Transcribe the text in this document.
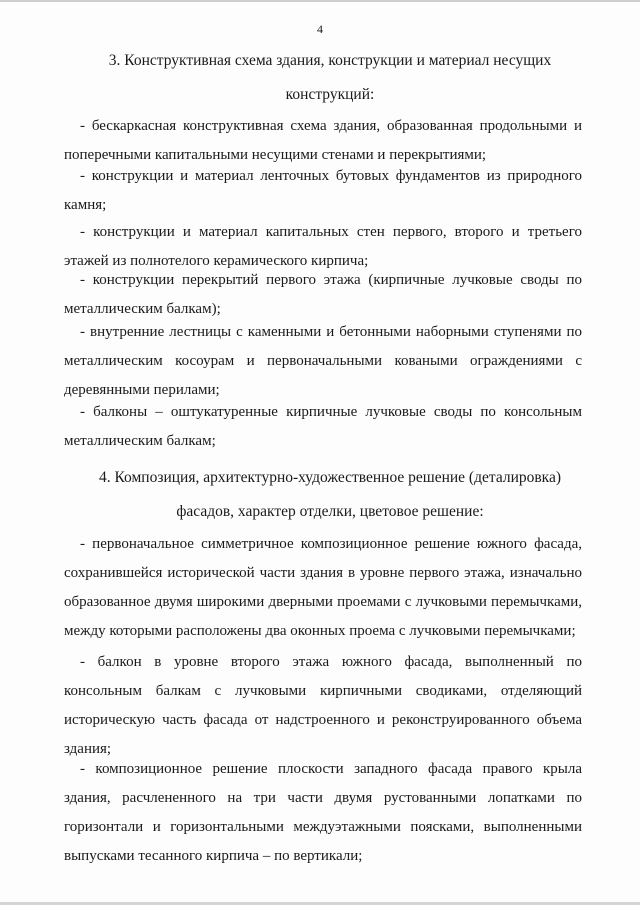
4
3. Конструктивная схема здания, конструкции и материал несущих конструкций:

- бескаркасная конструктивная схема здания, образованная продольными и поперечными капитальными несущими стенами и перекрытиями;

- конструкции и материал ленточных бутовых фундаментов из природного камня;

- конструкции и материал капитальных стен первого, второго и третьего этажей из полнотелого керамического кирпича;

- конструкции перекрытий первого этажа (кирпичные лучковые своды по металлическим балкам);

- внутренние лестницы с каменными и бетонными наборными ступенями по металлическим косоурам и первоначальными коваными ограждениями с деревянными перилами;

- балконы – оштукатуренные кирпичные лучковые своды по консольным металлическим балкам;

4. Композиция, архитектурно-художественное решение (деталировка) фасадов, характер отделки, цветовое решение:

- первоначальное симметричное композиционное решение южного фасада, сохранившейся исторической части здания в уровне первого этажа, изначально образованное двумя широкими дверными проемами с лучковыми перемычками, между которыми расположены два оконных проема с лучковыми перемычками;

- балкон в уровне второго этажа южного фасада, выполненный по консольным балкам с лучковыми кирпичными сводиками, отделяющий историческую часть фасада от надстроенного и реконструированного объема здания;

- композиционное решение плоскости западного фасада правого крыла здания, расчлененного на три части двумя рустованными лопатками по горизонтали и горизонтальными междуэтажными поясками, выполненными выпусками тесанного кирпича – по вертикали;
